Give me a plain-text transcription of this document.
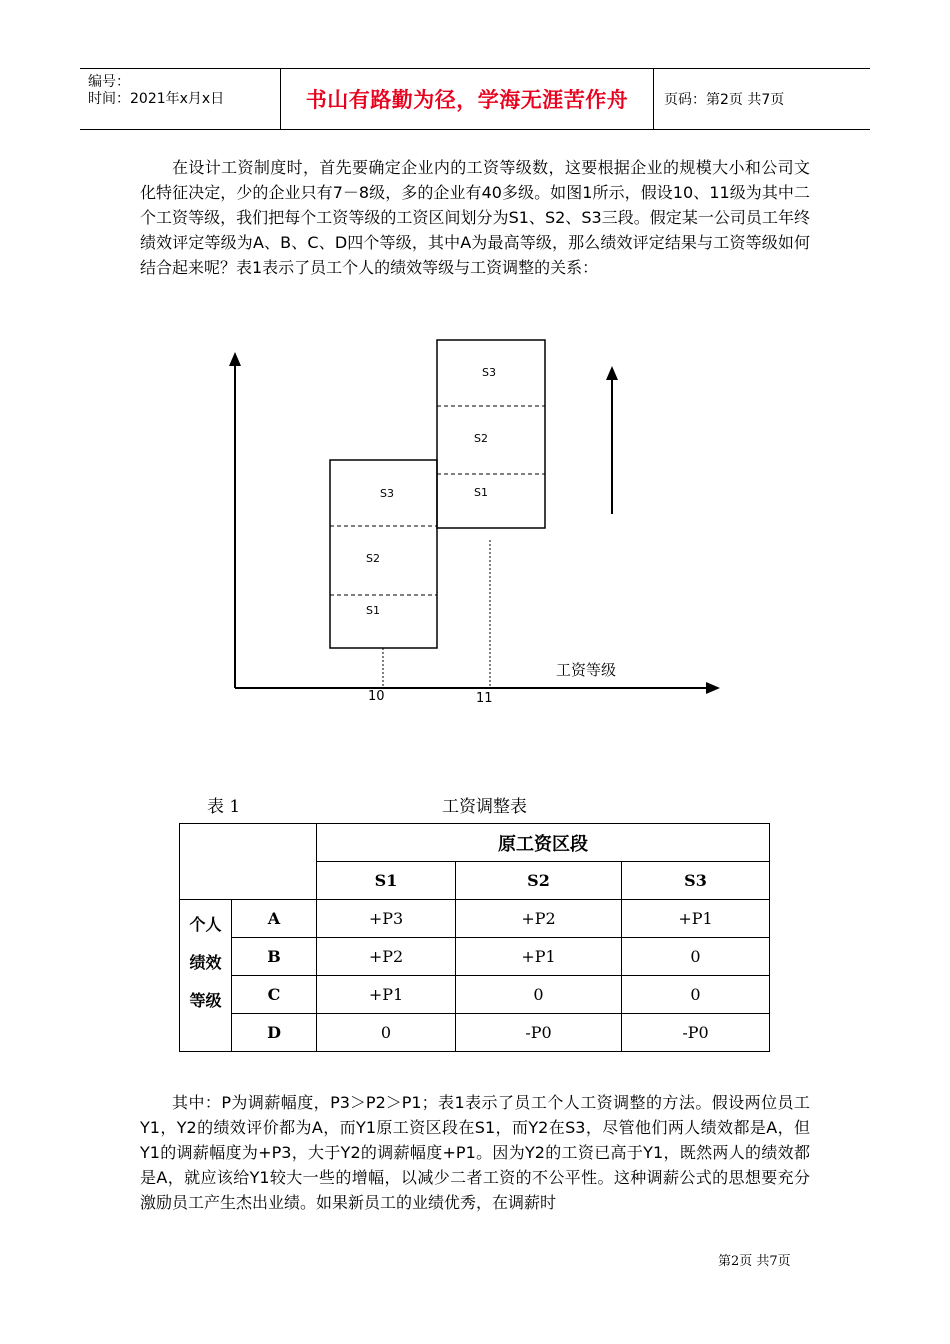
编号：
时间：2021年x月x日	书山有路勤为径，学海无涯苦作舟	页码：第2页 共7页

在设计工资制度时，首先要确定企业内的工资等级数，这要根据企业的规模大小和公司文化特征决定，少的企业只有7－8级，多的企业有40多级。如图1所示，假设10、11级为其中二个工资等级，我们把每个工资等级的工资区间划分为S1、S2、S3三段。假定某一公司员工年终绩效评定等级为A、B、C、D四个等级，其中A为最高等级，那么绩效评定结果与工资等级如何结合起来呢？表1表示了员工个人的绩效等级与工资调整的关系：

S3
S2
S1
S3
S2
S1
工资等级
10	11
表 1	工资调整表
		原工资区段		
		S1	S2	S3

个人
绩效
等级	A	+P3	+P2	+P1
	B	+P2	+P1	0
	C	+P1	0	0
	D	0	-P0	-P0

其中：P为调薪幅度，P3＞P2＞P1；表1表示了员工个人工资调整的方法。假设两位员工Y1，Y2的绩效评价都为A，而Y1原工资区段在S1，而Y2在S3，尽管他们两人绩效都是A，但Y1的调薪幅度为+P3，大于Y2的调薪幅度+P1。因为Y2的工资已高于Y1，既然两人的绩效都是A，就应该给Y1较大一些的增幅，以减少二者工资的不公平性。这种调薪公式的思想要充分激励员工产生杰出业绩。如果新员工的业绩优秀，在调薪时

第2页 共7页
